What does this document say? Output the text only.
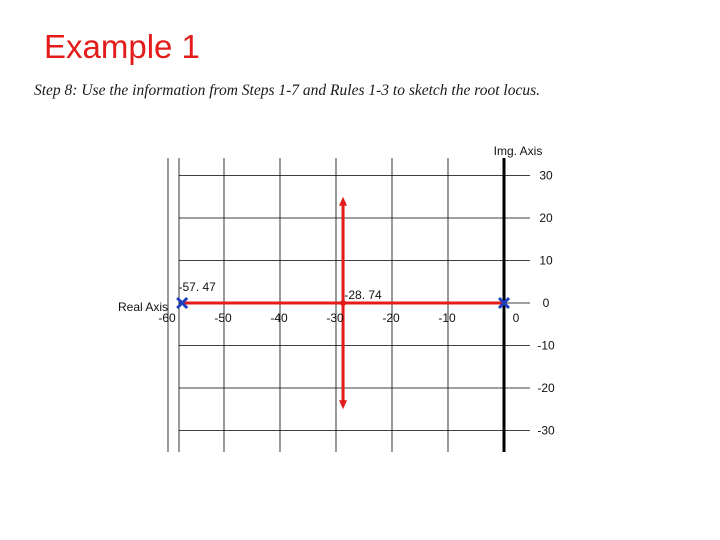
Example 1
Step 8: Use the information from Steps 1-7 and Rules 1-3 to sketch the root locus.
Img. Axis
Real Axis
-60	-50	-40	-30	-20	-10	0
30
20
10
0
-10
-20
-30
-57. 47
-28. 74
